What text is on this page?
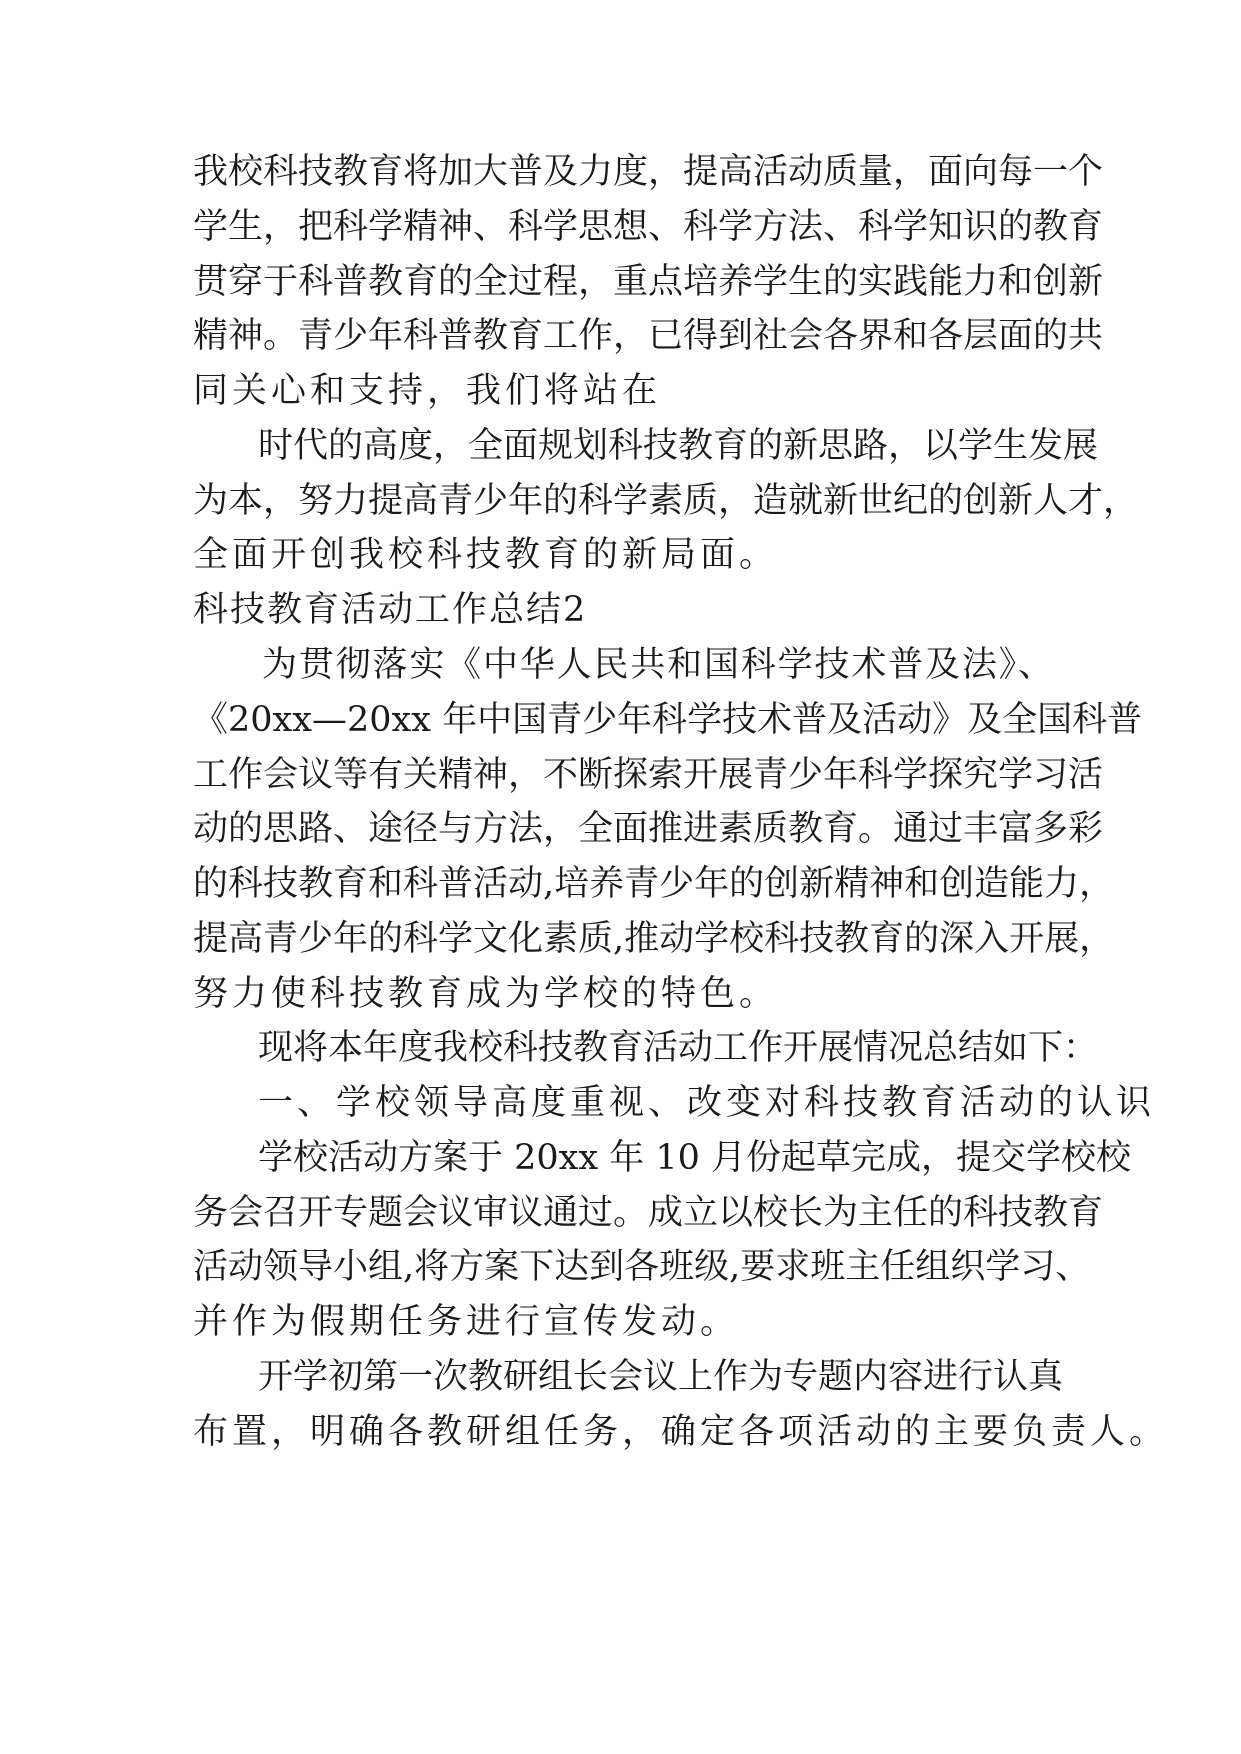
我校科技教育将加大普及力度，提高活动质量，面向每一个
学生，把科学精神、科学思想、科学方法、科学知识的教育
贯穿于科普教育的全过程，重点培养学生的实践能力和创新
精神。青少年科普教育工作，已得到社会各界和各层面的共
同关心和支持，我们将站在
时代的高度，全面规划科技教育的新思路，以学生发展
为本，努力提高青少年的科学素质，造就新世纪的创新人才，
全面开创我校科技教育的新局面。
科技教育活动工作总结2
为贯彻落实《中华人民共和国科学技术普及法》、
《20xx—20xx 年中国青少年科学技术普及活动》及全国科普
工作会议等有关精神，不断探索开展青少年科学探究学习活
动的思路、途径与方法，全面推进素质教育。通过丰富多彩
的科技教育和科普活动,培养青少年的创新精神和创造能力，
提高青少年的科学文化素质,推动学校科技教育的深入开展，
努力使科技教育成为学校的特色。
现将本年度我校科技教育活动工作开展情况总结如下：
一、学校领导高度重视、改变对科技教育活动的认识
学校活动方案于 20xx 年 10 月份起草完成，提交学校校
务会召开专题会议审议通过。成立以校长为主任的科技教育
活动领导小组,将方案下达到各班级,要求班主任组织学习、
并作为假期任务进行宣传发动。
开学初第一次教研组长会议上作为专题内容进行认真
布置，明确各教研组任务，确定各项活动的主要负责人。
